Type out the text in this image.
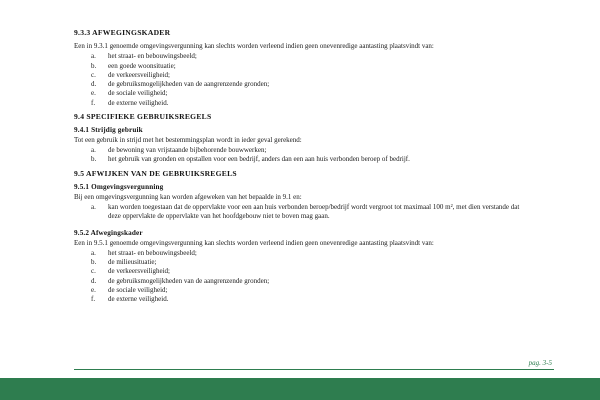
9.3.3 AFWEGINGSKADER

Een in 9.3.1 genoemde omgevingsvergunning kan slechts worden verleend indien geen onevenredige aantasting plaatsvindt van:

a.	het straat- en bebouwingsbeeld;
b.	een goede woonsituatie;
c.	de verkeersveiligheid;
d.	de gebruiksmogelijkheden van de aangrenzende gronden;
e.	de sociale veiligheid;
f.	de externe veiligheid.
9.4 SPECIFIEKE GEBRUIKSREGELS
9.4.1 Strijdig gebruik

Tot een gebruik in strijd met het bestemmingsplan wordt in ieder geval gerekend:

a.	de bewoning van vrijstaande bijbehorende bouwwerken;
b.	het gebruik van gronden en opstallen voor een bedrijf, anders dan een aan huis verbonden beroep of bedrijf.
9.5 AFWIJKEN VAN DE GEBRUIKSREGELS
9.5.1 Omgevingsvergunning

Bij een omgevingsvergunning kan worden afgeweken van het bepaalde in 9.1 en:

a.	kan worden toegestaan dat de oppervlakte voor een aan huis verbonden beroep/bedrijf wordt vergroot tot maximaal 100 m², met dien verstande dat deze oppervlakte de oppervlakte van het hoofdgebouw niet te boven mag gaan.
9.5.2 Afwegingskader

Een in 9.5.1 genoemde omgevingsvergunning kan slechts worden verleend indien geen onevenredige aantasting plaatsvindt van:

a.	het straat- en bebouwingsbeeld;
b.	de milieusituatie;
c.	de verkeersveiligheid;
d.	de gebruiksmogelijkheden van de aangrenzende gronden;
e.	de sociale veiligheid;
f.	de externe veiligheid.
pag. 3-5
